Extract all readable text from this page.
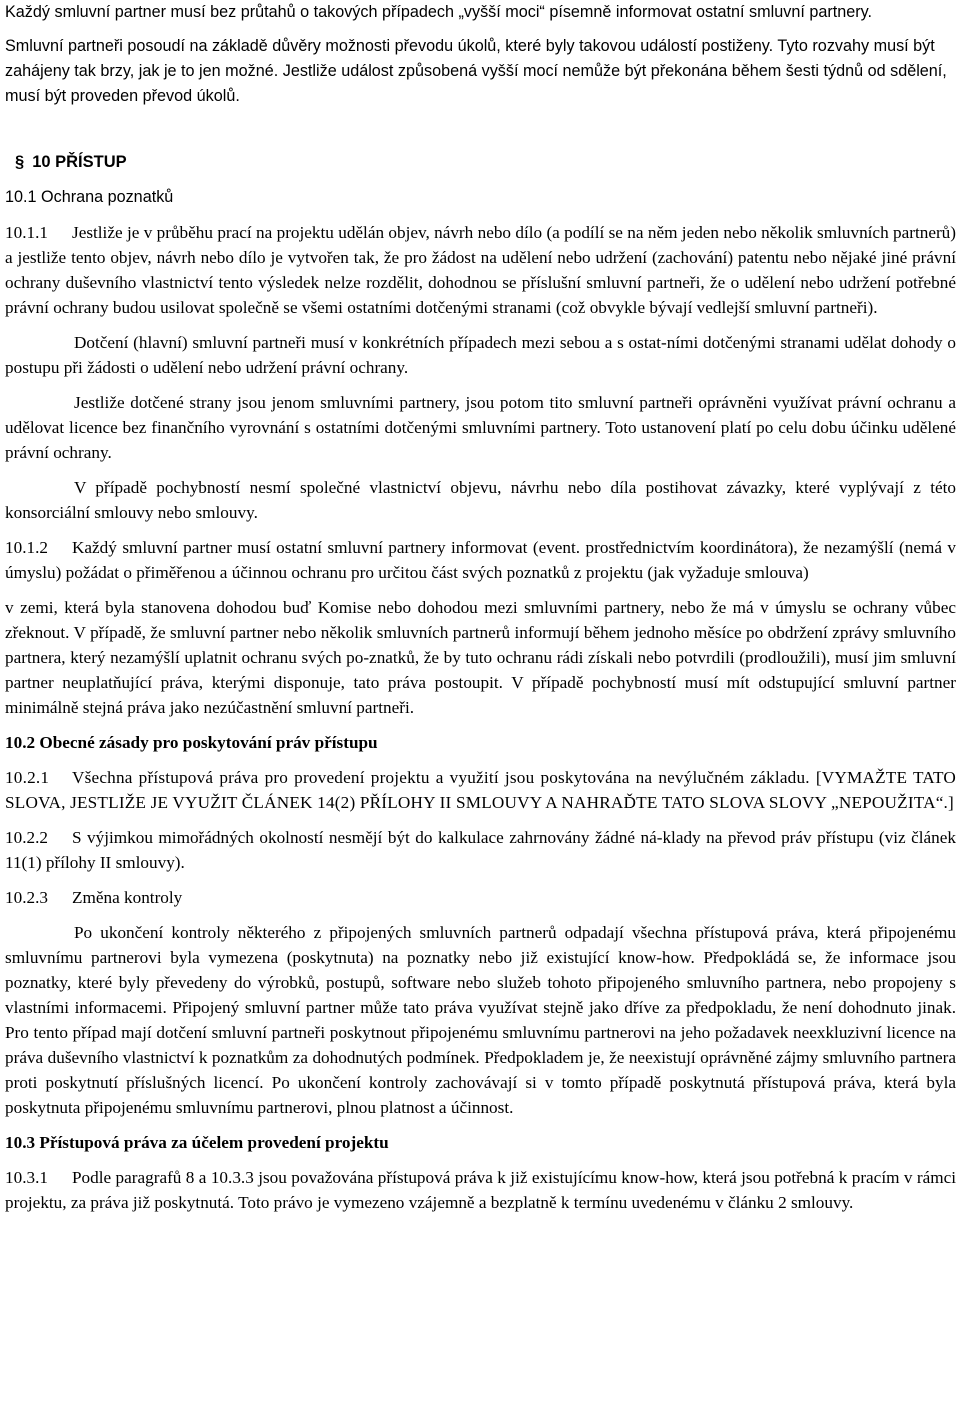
Každý smluvní partner musí bez průtahů o takových případech „vyšší moci“ písemně informovat ostatní smluvní partnery.

Smluvní partneři posoudí na základě důvěry možnosti převodu úkolů, které byly takovou událostí postiženy. Tyto rozvahy musí být zahájeny tak brzy, jak je to jen možné. Jestliže událost způsobená vyšší mocí nemůže být překonána během šesti týdnů od sdělení, musí být proveden převod úkolů.

§ 10 PŘÍSTUP

10.1 Ochrana poznatků

10.1.1 Jestliže je v průběhu prací na projektu udělán objev, návrh nebo dílo (a podílí se na něm jeden nebo několik smluvních partnerů) a jestliže tento objev, návrh nebo dílo je vytvořen tak, že pro žádost na udělení nebo udržení (zachování) patentu nebo nějaké jiné právní ochrany duševního vlastnictví tento výsledek nelze rozdělit, dohodnou se příslušní smluvní partneři, že o udělení nebo udržení potřebné právní ochrany budou usilovat společně se všemi ostatními dotčenými stranami (což obvykle bývají vedlejší smluvní partneři).

Dotčení (hlavní) smluvní partneři musí v konkrétních případech mezi sebou a s ostat-ními dotčenými stranami udělat dohody o postupu při žádosti o udělení nebo udržení právní ochrany.

Jestliže dotčené strany jsou jenom smluvními partnery, jsou potom tito smluvní partneři oprávněni využívat právní ochranu a udělovat licence bez finančního vyrovnání s ostatními dotčenými smluvními partnery. Toto ustanovení platí po celu dobu účinku udělené právní ochrany.

V případě pochybností nesmí společné vlastnictví objevu, návrhu nebo díla postihovat závazky, které vyplývají z této konsorciální smlouvy nebo smlouvy.

10.1.2 Každý smluvní partner musí ostatní smluvní partnery informovat (event. prostřednictvím koordinátora), že nezamýšlí (nemá v úmyslu) požádat o přiměřenou a účinnou ochranu pro určitou část svých poznatků z projektu (jak vyžaduje smlouva)

v zemi, která byla stanovena dohodou buď Komise nebo dohodou mezi smluvními partnery, nebo že má v úmyslu se ochrany vůbec zřeknout. V případě, že smluvní partner nebo několik smluvních partnerů informují během jednoho měsíce po obdržení zprávy smluvního partnera, který nezamýšlí uplatnit ochranu svých po-znatků, že by tuto ochranu rádi získali nebo potvrdili (prodloužili), musí jim smluvní partner neuplatňující práva, kterými disponuje, tato práva postoupit. V případě pochybností musí mít odstupující smluvní partner minimálně stejná práva jako nezúčastnění smluvní partneři.

10.2 Obecné zásady pro poskytování práv přístupu

10.2.1 Všechna přístupová práva pro provedení projektu a využití jsou poskytována na nevýlučném základu. [VYMAŽTE TATO SLOVA, JESTLIŽE JE VYUŽIT ČLÁNEK 14(2) PŘÍLOHY II SMLOUVY A NAHRAĎTE TATO SLOVA SLOVY „NEPOUŽITA“.]

10.2.2 S výjimkou mimořádných okolností nesmějí být do kalkulace zahrnovány žádné ná-klady na převod práv přístupu (viz článek 11(1) přílohy II smlouvy).

10.2.3 Změna kontroly

Po ukončení kontroly některého z připojených smluvních partnerů odpadají všechna přístupová práva, která připojenému smluvnímu partnerovi byla vymezena (poskytnuta) na poznatky nebo již existující know-how. Předpokládá se, že informace jsou poznatky, které byly převedeny do výrobků, postupů, software nebo služeb tohoto připojeného smluvního partnera, nebo propojeny s vlastními informacemi. Připojený smluvní partner může tato práva využívat stejně jako dříve za předpokladu, že není dohodnuto jinak. Pro tento případ mají dotčení smluvní partneři poskytnout připojenému smluvnímu partnerovi na jeho požadavek neexkluzivní licence na práva duševního vlastnictví k poznatkům za dohodnutých podmínek. Předpokladem je, že neexistují oprávněné zájmy smluvního partnera proti poskytnutí příslušných licencí. Po ukončení kontroly zachovávají si v tomto případě poskytnutá přístupová práva, která byla poskytnuta připojenému smluvnímu partnerovi, plnou platnost a účinnost.

10.3 Přístupová práva za účelem provedení projektu

10.3.1 Podle paragrafů 8 a 10.3.3 jsou považována přístupová práva k již existujícímu know-how, která jsou potřebná k pracím v rámci projektu, za práva již poskytnutá. Toto právo je vymezeno vzájemně a bezplatně k termínu uvedenému v článku 2 smlouvy.
